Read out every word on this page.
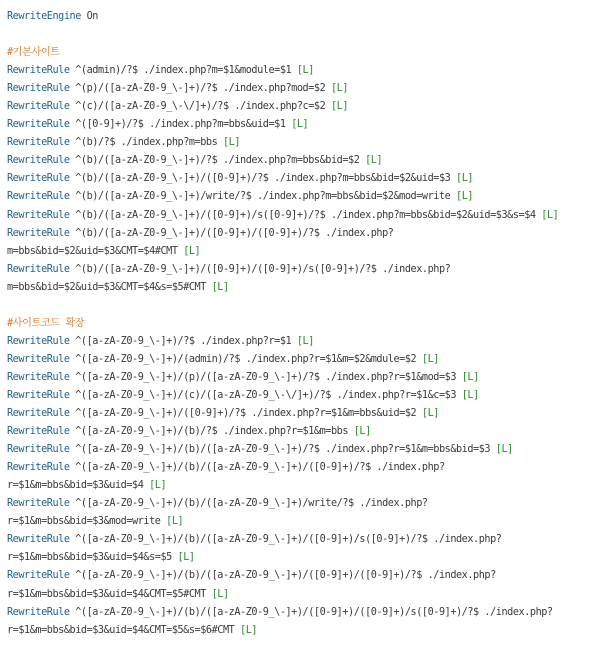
RewriteEngine On

#기본사이트
RewriteRule ^(admin)/?$ ./index.php?m=$1&module=$1 [L]
RewriteRule ^(p)/([a-zA-Z0-9_\-]+)/?$ ./index.php?mod=$2 [L]
RewriteRule ^(c)/([a-zA-Z0-9_\-\/]+)/?$ ./index.php?c=$2 [L]
RewriteRule ^([0-9]+)/?$ ./index.php?m=bbs&uid=$1 [L]
RewriteRule ^(b)/?$ ./index.php?m=bbs [L]
RewriteRule ^(b)/([a-zA-Z0-9_\-]+)/?$ ./index.php?m=bbs&bid=$2 [L]
RewriteRule ^(b)/([a-zA-Z0-9_\-]+)/([0-9]+)/?$ ./index.php?m=bbs&bid=$2&uid=$3 [L]
RewriteRule ^(b)/([a-zA-Z0-9_\-]+)/write/?$ ./index.php?m=bbs&bid=$2&mod=write [L]
RewriteRule ^(b)/([a-zA-Z0-9_\-]+)/([0-9]+)/s([0-9]+)/?$ ./index.php?m=bbs&bid=$2&uid=$3&s=$4 [L]
RewriteRule ^(b)/([a-zA-Z0-9_\-]+)/([0-9]+)/([0-9]+)/?$ ./index.php?
m=bbs&bid=$2&uid=$3&CMT=$4#CMT [L]
RewriteRule ^(b)/([a-zA-Z0-9_\-]+)/([0-9]+)/([0-9]+)/s([0-9]+)/?$ ./index.php?
m=bbs&bid=$2&uid=$3&CMT=$4&s=$5#CMT [L]

#사이트코드 확장
RewriteRule ^([a-zA-Z0-9_\-]+)/?$ ./index.php?r=$1 [L]
RewriteRule ^([a-zA-Z0-9_\-]+)/(admin)/?$ ./index.php?r=$1&m=$2&mdule=$2 [L]
RewriteRule ^([a-zA-Z0-9_\-]+)/(p)/([a-zA-Z0-9_\-]+)/?$ ./index.php?r=$1&mod=$3 [L]
RewriteRule ^([a-zA-Z0-9_\-]+)/(c)/([a-zA-Z0-9_\-\/]+)/?$ ./index.php?r=$1&c=$3 [L]
RewriteRule ^([a-zA-Z0-9_\-]+)/([0-9]+)/?$ ./index.php?r=$1&m=bbs&uid=$2 [L]
RewriteRule ^([a-zA-Z0-9_\-]+)/(b)/?$ ./index.php?r=$1&m=bbs [L]
RewriteRule ^([a-zA-Z0-9_\-]+)/(b)/([a-zA-Z0-9_\-]+)/?$ ./index.php?r=$1&m=bbs&bid=$3 [L]
RewriteRule ^([a-zA-Z0-9_\-]+)/(b)/([a-zA-Z0-9_\-]+)/([0-9]+)/?$ ./index.php?
r=$1&m=bbs&bid=$3&uid=$4 [L]
RewriteRule ^([a-zA-Z0-9_\-]+)/(b)/([a-zA-Z0-9_\-]+)/write/?$ ./index.php?
r=$1&m=bbs&bid=$3&mod=write [L]
RewriteRule ^([a-zA-Z0-9_\-]+)/(b)/([a-zA-Z0-9_\-]+)/([0-9]+)/s([0-9]+)/?$ ./index.php?
r=$1&m=bbs&bid=$3&uid=$4&s=$5 [L]
RewriteRule ^([a-zA-Z0-9_\-]+)/(b)/([a-zA-Z0-9_\-]+)/([0-9]+)/([0-9]+)/?$ ./index.php?
r=$1&m=bbs&bid=$3&uid=$4&CMT=$5#CMT [L]
RewriteRule ^([a-zA-Z0-9_\-]+)/(b)/([a-zA-Z0-9_\-]+)/([0-9]+)/([0-9]+)/s([0-9]+)/?$ ./index.php?
r=$1&m=bbs&bid=$3&uid=$4&CMT=$5&s=$6#CMT [L]
